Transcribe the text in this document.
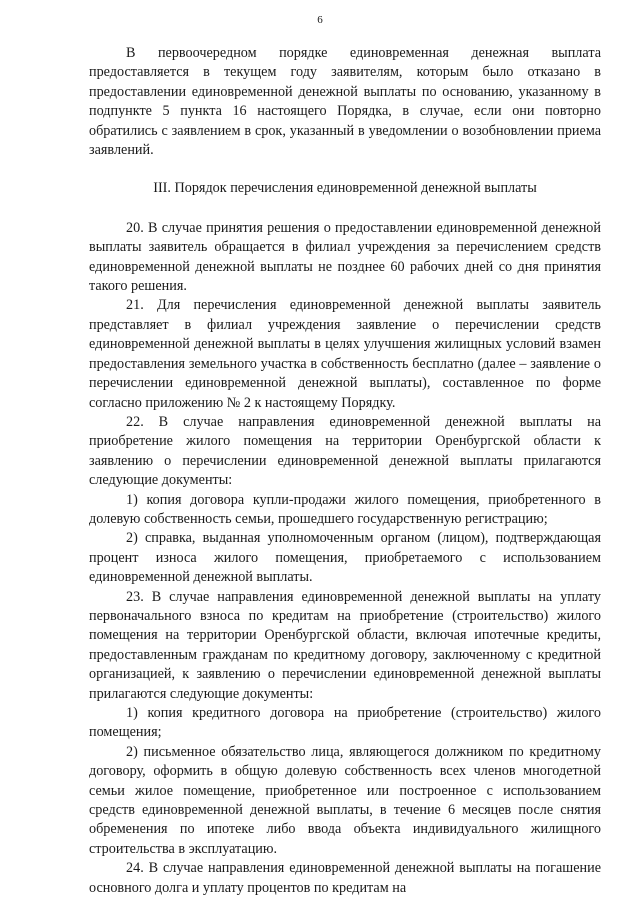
6

В первоочередном порядке единовременная денежная выплата предоставляется в текущем году заявителям, которым было отказано в предоставлении единовременной денежной выплаты по основанию, указанному в подпункте 5 пункта 16 настоящего Порядка, в случае, если они повторно обратились с заявлением в срок, указанный в уведомлении о возобновлении приема заявлений.

III. Порядок перечисления единовременной денежной выплаты

20. В случае принятия решения о предоставлении единовременной денежной выплаты заявитель обращается в филиал учреждения за перечислением средств единовременной денежной выплаты не позднее 60 рабочих дней со дня принятия такого решения.

21. Для перечисления единовременной денежной выплаты заявитель представляет в филиал учреждения заявление о перечислении средств единовременной денежной выплаты в целях улучшения жилищных условий взамен предоставления земельного участка в собственность бесплатно (далее – заявление о перечислении единовременной денежной выплаты), составленное по форме согласно приложению № 2 к настоящему Порядку.

22. В случае направления единовременной денежной выплаты на приобретение жилого помещения на территории Оренбургской области к заявлению о перечислении единовременной денежной выплаты прилагаются следующие документы:

1) копия договора купли-продажи жилого помещения, приобретенного в долевую собственность семьи, прошедшего государственную регистрацию;

2) справка, выданная уполномоченным органом (лицом), подтверждающая процент износа жилого помещения, приобретаемого с использованием единовременной денежной выплаты.

23. В случае направления единовременной денежной выплаты на уплату первоначального взноса по кредитам на приобретение (строительство) жилого помещения на территории Оренбургской области, включая ипотечные кредиты, предоставленным гражданам по кредитному договору, заключенному с кредитной организацией, к заявлению о перечислении единовременной денежной выплаты прилагаются следующие документы:

1) копия кредитного договора на приобретение (строительство) жилого помещения;

2) письменное обязательство лица, являющегося должником по кредитному договору, оформить в общую долевую собственность всех членов многодетной семьи жилое помещение, приобретенное или построенное с использованием средств единовременной денежной выплаты, в течение 6 месяцев после снятия обременения по ипотеке либо ввода объекта индивидуального жилищного строительства в эксплуатацию.

24. В случае направления единовременной денежной выплаты на погашение основного долга и уплату процентов по кредитам на
